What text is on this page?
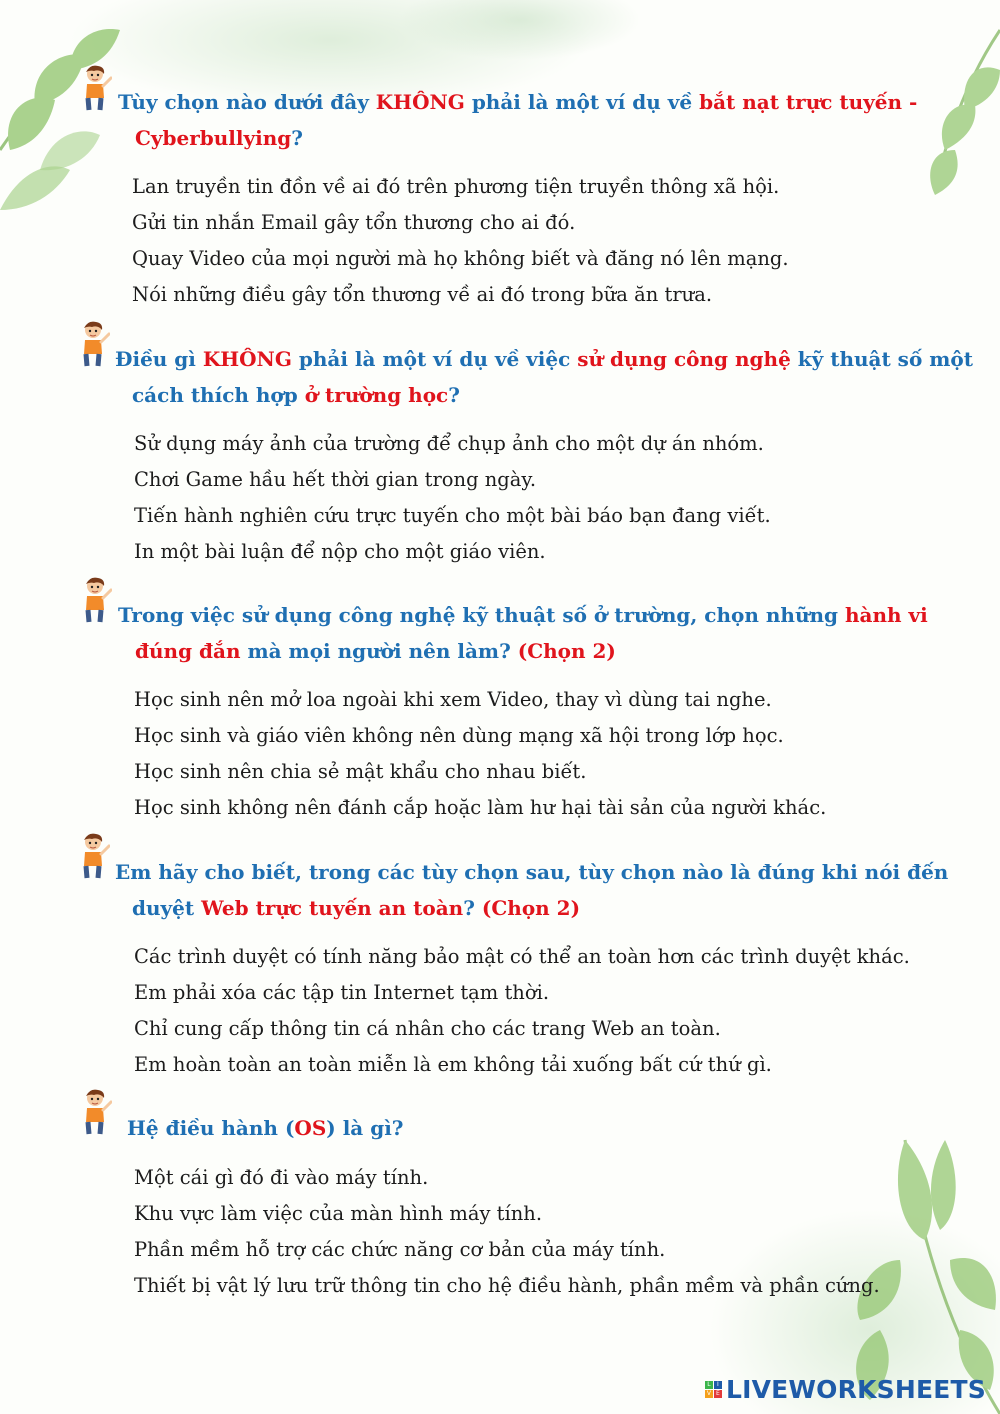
Tùy chọn nào dưới đây KHÔNG phải là một ví dụ về bắt nạt trực tuyến -
Cyberbullying?
Lan truyền tin đồn về ai đó trên phương tiện truyền thông xã hội.
Gửi tin nhắn Email gây tổn thương cho ai đó.
Quay Video của mọi người mà họ không biết và đăng nó lên mạng.
Nói những điều gây tổn thương về ai đó trong bữa ăn trưa.
Điều gì KHÔNG phải là một ví dụ về việc sử dụng công nghệ kỹ thuật số một
cách thích hợp ở trường học?
Sử dụng máy ảnh của trường để chụp ảnh cho một dự án nhóm.
Chơi Game hầu hết thời gian trong ngày.
Tiến hành nghiên cứu trực tuyến cho một bài báo bạn đang viết.
In một bài luận để nộp cho một giáo viên.
Trong việc sử dụng công nghệ kỹ thuật số ở trường, chọn những hành vi
đúng đắn mà mọi người nên làm? (Chọn 2)
Học sinh nên mở loa ngoài khi xem Video, thay vì dùng tai nghe.
Học sinh và giáo viên không nên dùng mạng xã hội trong lớp học.
Học sinh nên chia sẻ mật khẩu cho nhau biết.
Học sinh không nên đánh cắp hoặc làm hư hại tài sản của người khác.
Em hãy cho biết, trong các tùy chọn sau, tùy chọn nào là đúng khi nói đến
duyệt Web trực tuyến an toàn? (Chọn 2)
Các trình duyệt có tính năng bảo mật có thể an toàn hơn các trình duyệt khác.
Em phải xóa các tập tin Internet tạm thời.
Chỉ cung cấp thông tin cá nhân cho các trang Web an toàn.
Em hoàn toàn an toàn miễn là em không tải xuống bất cứ thứ gì.
Hệ điều hành (OS) là gì?
Một cái gì đó đi vào máy tính.
Khu vực làm việc của màn hình máy tính.
Phần mềm hỗ trợ các chức năng cơ bản của máy tính.
Thiết bị vật lý lưu trữ thông tin cho hệ điều hành, phần mềm và phần cứng.
L	I
V E LIVEWORKSHEETS
